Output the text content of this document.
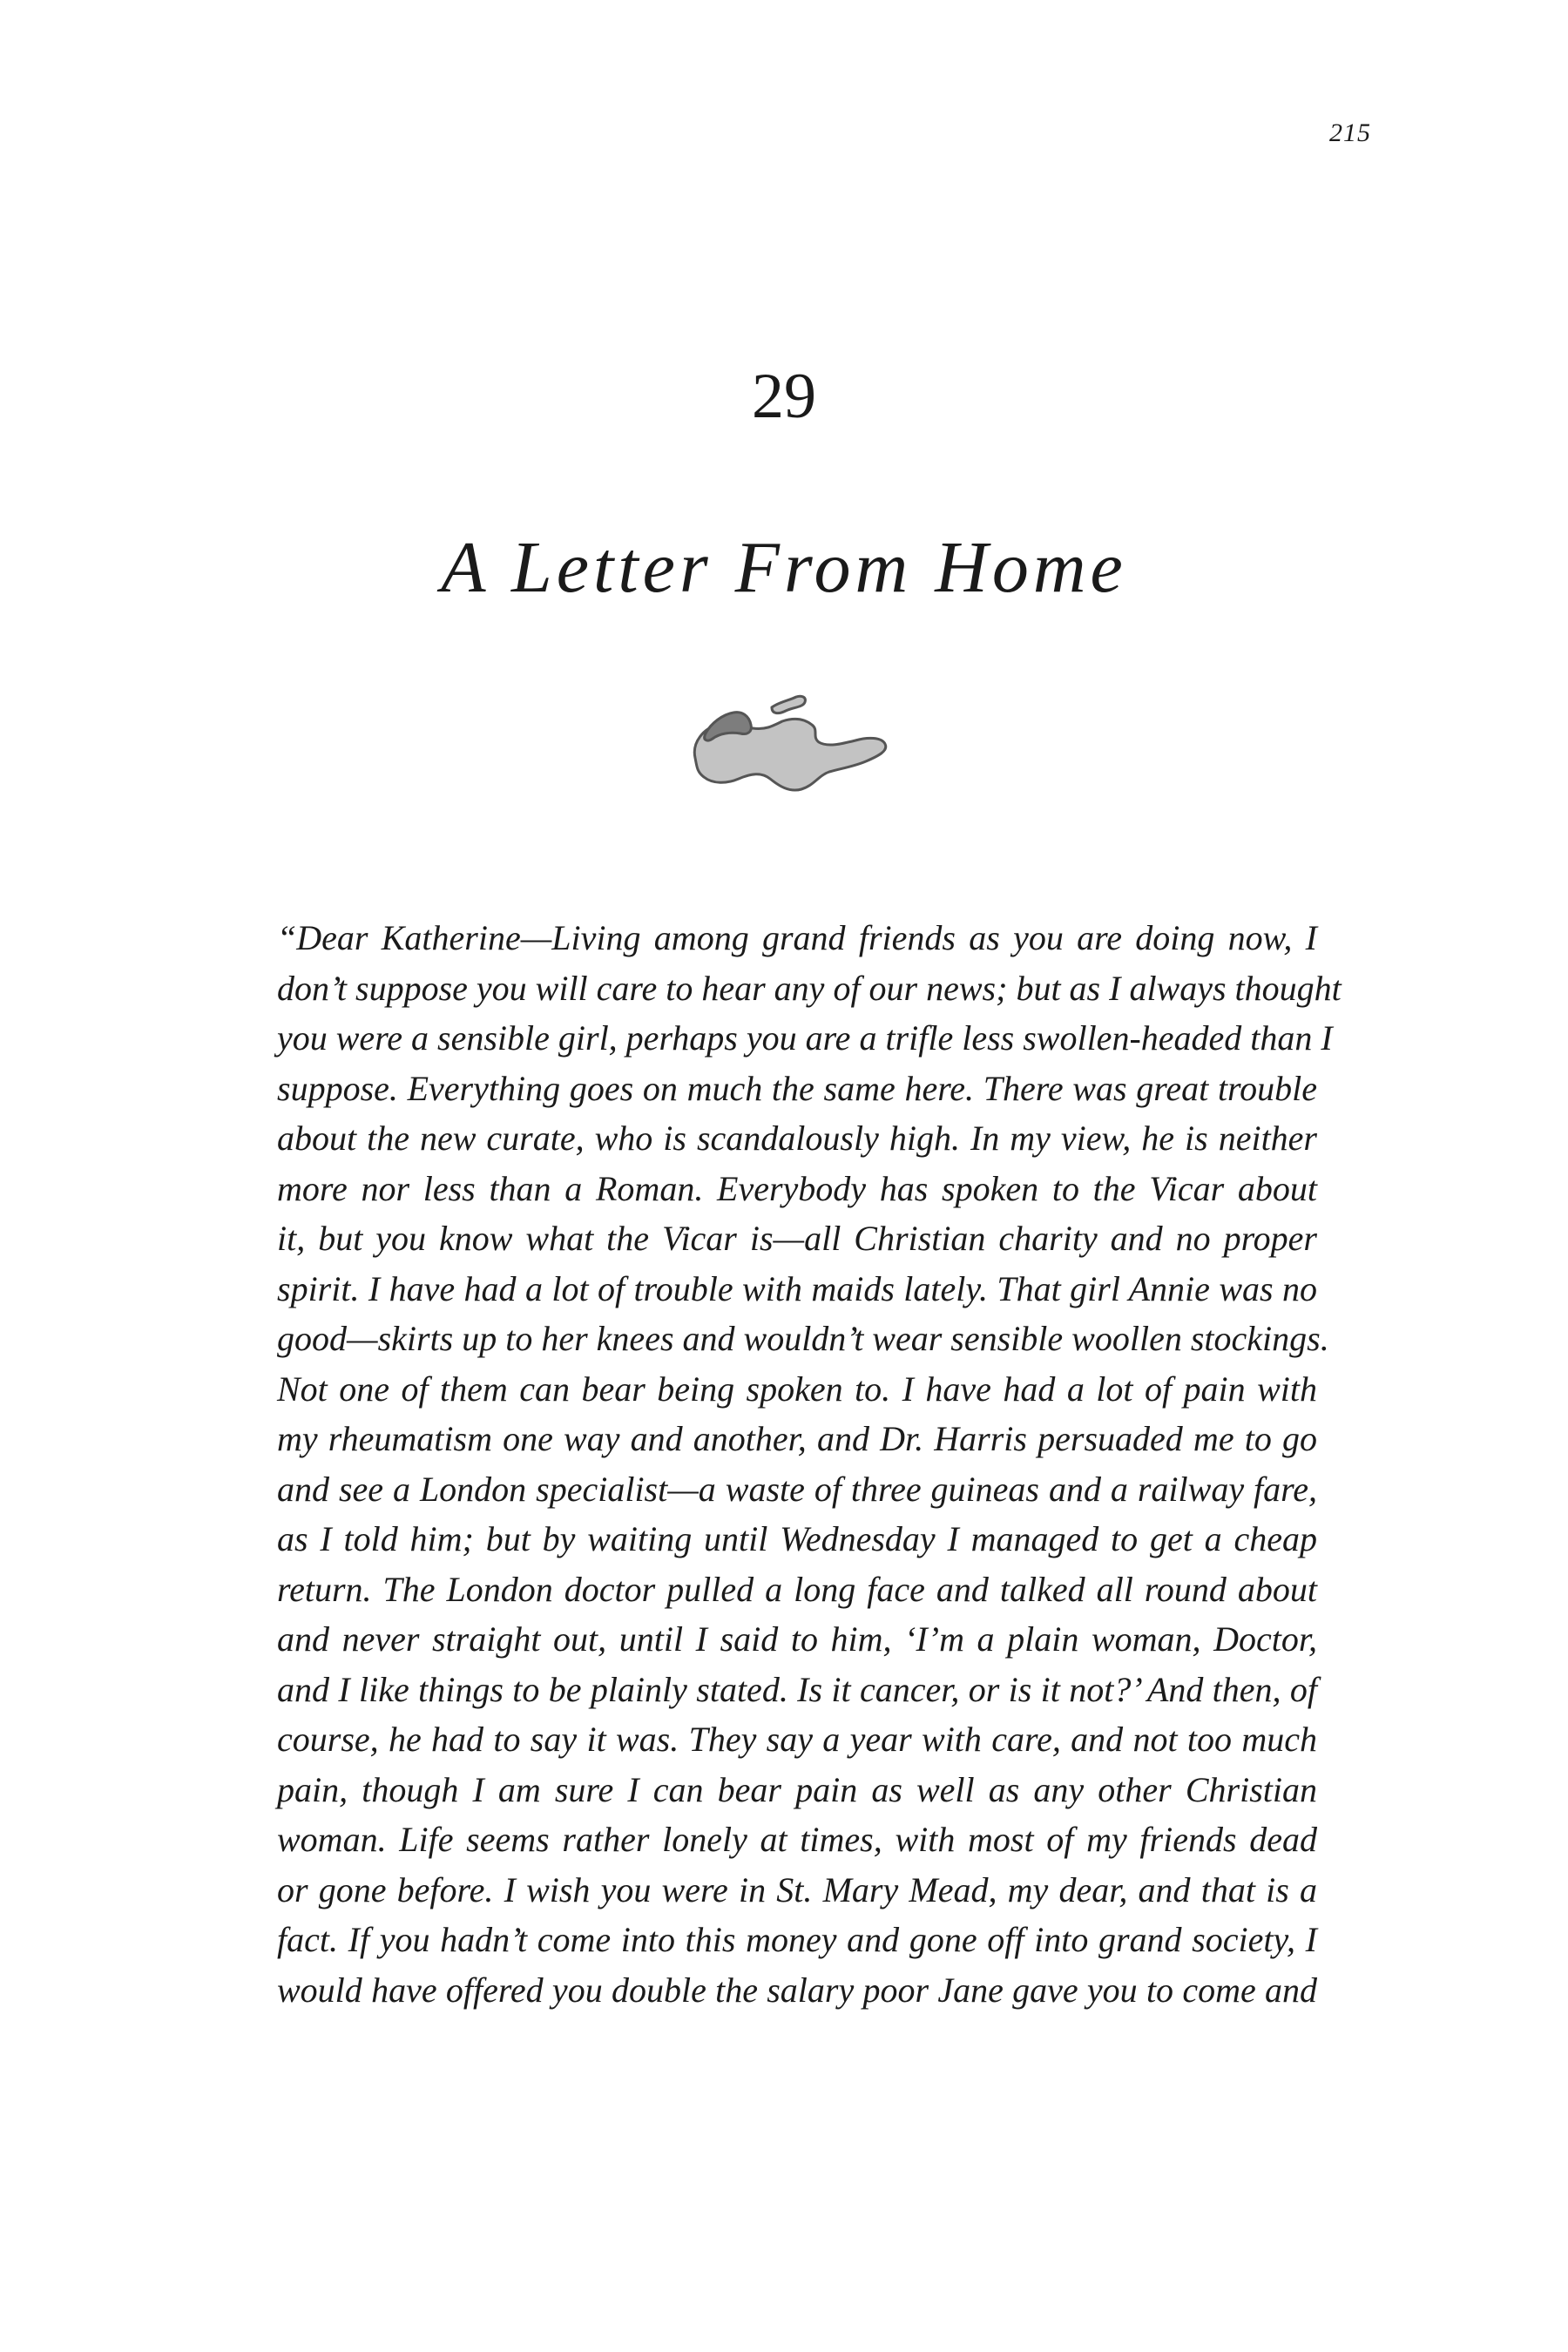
215
29
A Letter From Home
“Dear Katherine—Living among grand friends as you are doing now, I
don’t suppose you will care to hear any of our news; but as I always thought
you were a sensible girl, perhaps you are a trifle less swollen-headed than I
suppose. Everything goes on much the same here. There was great trouble
about the new curate, who is scandalously high. In my view, he is neither
more nor less than a Roman. Everybody has spoken to the Vicar about
it, but you know what the Vicar is—all Christian charity and no proper
spirit. I have had a lot of trouble with maids lately. That girl Annie was no
good—skirts up to her knees and wouldn’t wear sensible woollen stockings.
Not one of them can bear being spoken to. I have had a lot of pain with
my rheumatism one way and another, and Dr. Harris persuaded me to go
and see a London specialist—a waste of three guineas and a railway fare,
as I told him; but by waiting until Wednesday I managed to get a cheap
return. The London doctor pulled a long face and talked all round about
and never straight out, until I said to him, ‘I’m a plain woman, Doctor,
and I like things to be plainly stated. Is it cancer, or is it not?’ And then, of
course, he had to say it was. They say a year with care, and not too much
pain, though I am sure I can bear pain as well as any other Christian
woman. Life seems rather lonely at times, with most of my friends dead
or gone before. I wish you were in St. Mary Mead, my dear, and that is a
fact. If you hadn’t come into this money and gone off into grand society, I
would have offered you double the salary poor Jane gave you to come and
